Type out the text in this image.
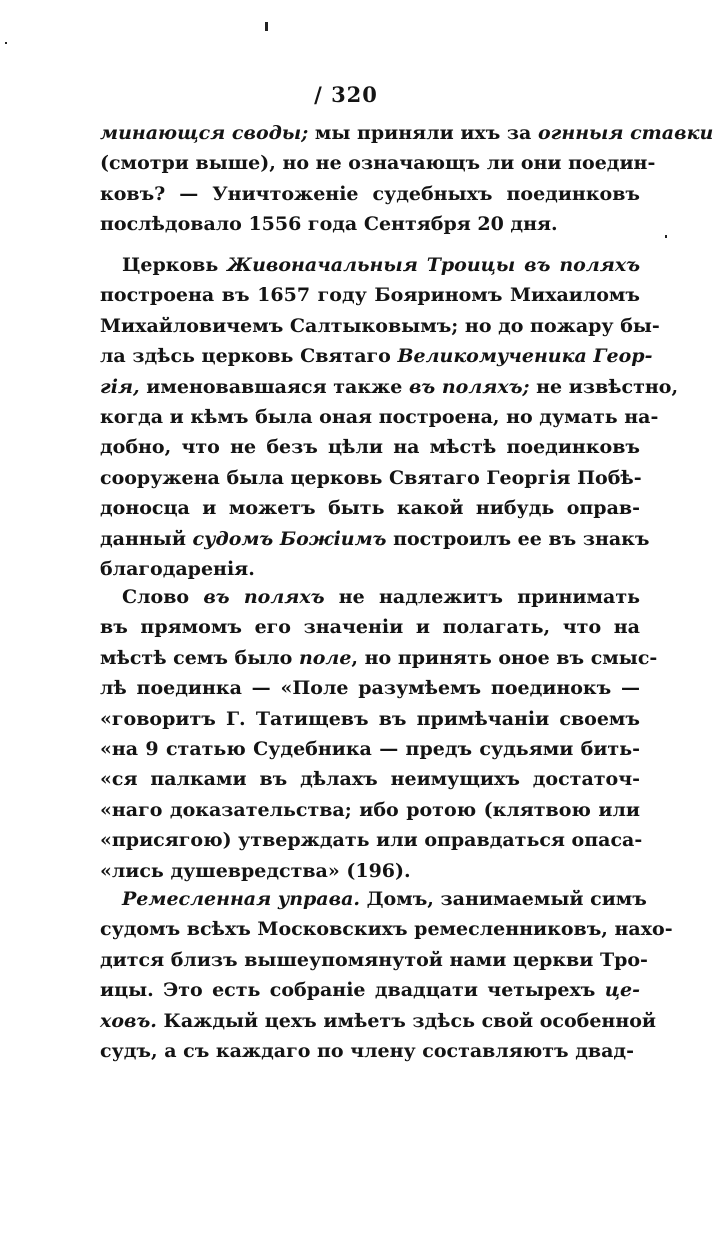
/ 320
минающся своды; мы приняли ихъ за огнныя ставки
(смотри выше), но не означающъ ли они поедин-
ковъ? — Уничтоженіе судебныхъ поединковъ
послѣдовало 1556 года Сентября 20 дня.
Церковь Живоначальныя Троицы въ поляхъ
построена въ 1657 году Бояриномъ Михаиломъ
Михайловичемъ Салтыковымъ; но до пожару бы-
ла здѣсь церковь Святаго Великомученика Геор-
гія, именовавшаяся также въ поляхъ; не извѣстно,
когда и кѣмъ была оная построена, но думать на-
добно, что не безъ цѣли на мѣстѣ поединковъ
сооружена была церковь Святаго Георгія Побѣ-
доносца и можетъ быть какой нибудь оправ-
данный судомъ Божіимъ построилъ ее въ знакъ
благодаренія.
Слово въ поляхъ не надлежитъ принимать
въ прямомъ его значеніи и полагать, что на
мѣстѣ семъ было поле, но принять оное въ смыс-
лѣ поединка — «Поле разумѣемъ поединокъ —
«говоритъ Г. Татищевъ въ примѣчаніи своемъ
«на 9 статью Судебника — предъ судьями бить-
«ся палками въ дѣлахъ неимущихъ достаточ-
«наго доказательства; ибо ротою (клятвою или
«присягою) утверждать или оправдаться опаса-
«лись душевредства» (196).
Ремесленная управа. Домъ, занимаемый симъ
судомъ всѣхъ Московскихъ ремесленниковъ, нахо-
дится близъ вышеупомянутой нами церкви Тро-
ицы. Это есть собраніе двадцати четырехъ це-
ховъ. Каждый цехъ имѣетъ здѣсь свой особенной
судъ, а съ каждаго по члену составляютъ двад-
